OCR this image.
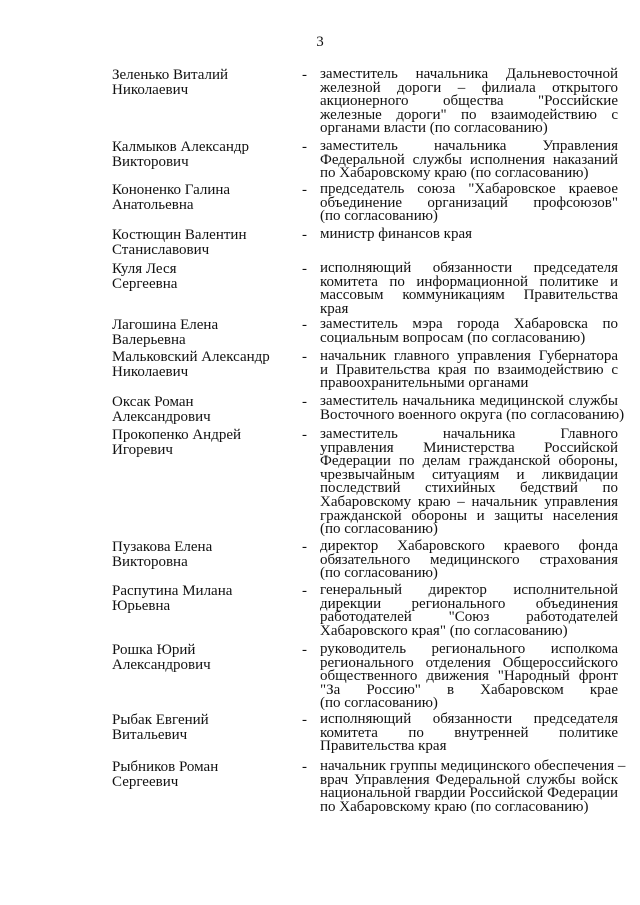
3
Зеленько Виталий
Николаевич
- заместитель начальника Дальневосточной
железной дороги – филиала открытого
акционерного общества "Российские
железные дороги" по взаимодействию с
органами власти (по согласованию)
Калмыков Александр
Викторович
- заместитель начальника Управления
Федеральной службы исполнения наказаний
по Хабаровскому краю (по согласованию)
Кононенко Галина
Анатольевна
- председатель союза "Хабаровское краевое
объединение организаций профсоюзов"
(по согласованию)
Костющин Валентин
Станиславович
- министр финансов края
Куля Леся
Сергеевна
- исполняющий обязанности председателя
комитета по информационной политике и
массовым коммуникациям Правительства
края
Лагошина Елена
Валерьевна
- заместитель мэра города Хабаровска по
социальным вопросам (по согласованию)
Мальковский Александр
Николаевич
- начальник главного управления Губернатора
и Правительства края по взаимодействию с
правоохранительными органами
Оксак Роман
Александрович
- заместитель начальника медицинской службы
Восточного военного округа (по согласованию)
Прокопенко Андрей
Игоревич
- заместитель начальника Главного
управления Министерства Российской
Федерации по делам гражданской обороны,
чрезвычайным ситуациям и ликвидации
последствий стихийных бедствий по
Хабаровскому краю – начальник управления
гражданской обороны и защиты населения
(по согласованию)
Пузакова Елена
Викторовна
- директор Хабаровского краевого фонда
обязательного медицинского страхования
(по согласованию)
Распутина Милана
Юрьевна
- генеральный директор исполнительной
дирекции регионального объединения
работодателей "Союз работодателей
Хабаровского края" (по согласованию)
Рошка Юрий
Александрович
- руководитель регионального исполкома
регионального отделения Общероссийского
общественного движения "Народный фронт
"За Россию" в Хабаровском крае
(по согласованию)
Рыбак Евгений
Витальевич
- исполняющий обязанности председателя
комитета по внутренней политике
Правительства края
Рыбников Роман
Сергеевич
- начальник группы медицинского обеспечения –
врач Управления Федеральной службы войск
национальной гвардии Российской Федерации
по Хабаровскому краю (по согласованию)
